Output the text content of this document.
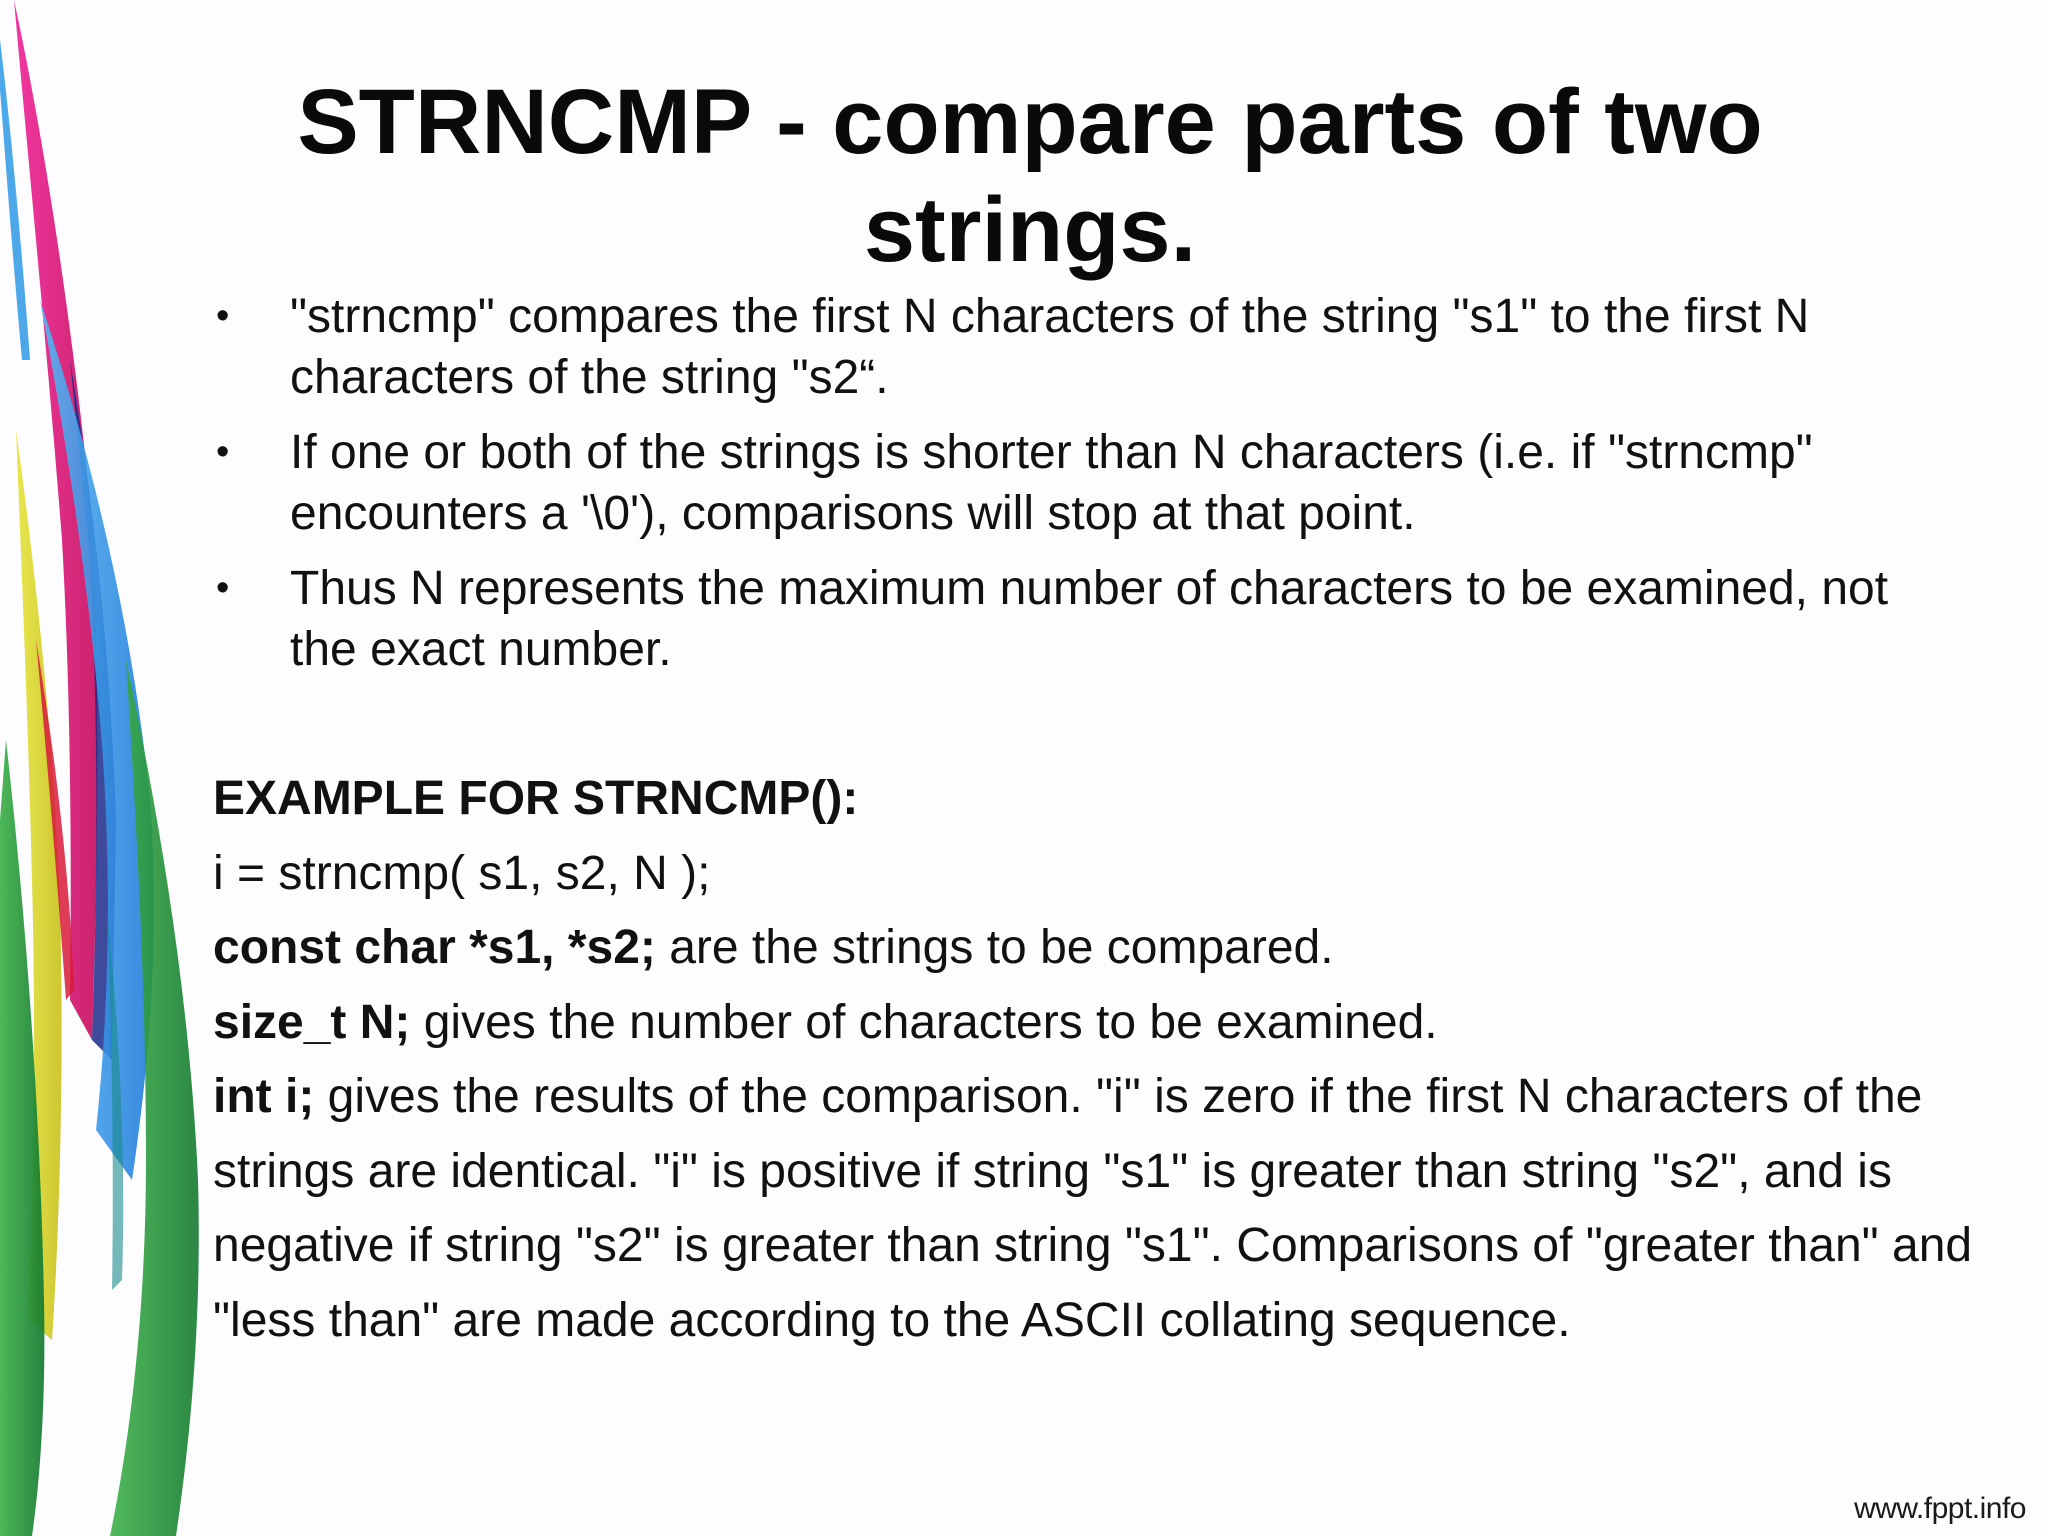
STRNCMP - compare parts of two strings.
• "strncmp" compares the first N characters of the string "s1" to the first N characters of the string "s2“.
• If one or both of the strings is shorter than N characters (i.e. if "strncmp" encounters a '\0'), comparisons will stop at that point.
• Thus N represents the maximum number of characters to be examined, not the exact number.
EXAMPLE FOR STRNCMP():
i = strncmp( s1, s2, N );
const char *s1, *s2; are the strings to be compared.
size_t N; gives the number of characters to be examined.
int i; gives the results of the comparison. "i" is zero if the first N characters of the strings are identical. "i" is positive if string "s1" is greater than string "s2", and is negative if string "s2" is greater than string "s1". Comparisons of "greater than" and "less than" are made according to the ASCII collating sequence.
www.fppt.info
